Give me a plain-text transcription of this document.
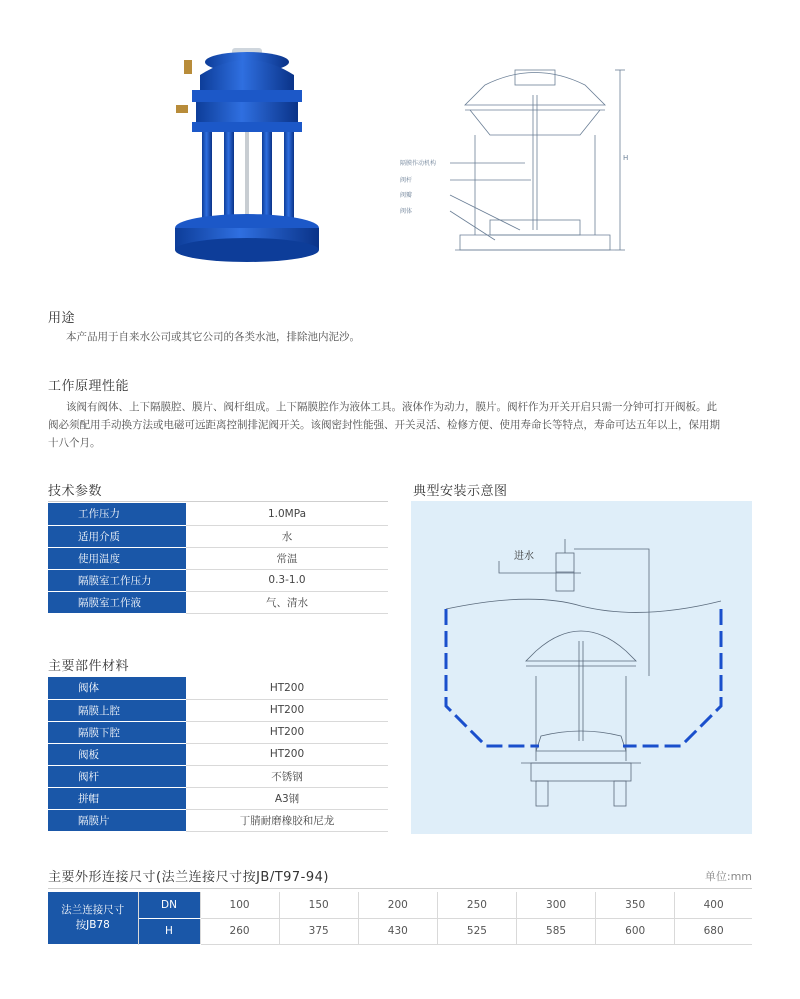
隔膜作动机构
阀杆
阀瓣
阀体
H
用途
本产品用于自来水公司或其它公司的各类水池，排除池内泥沙。
工作原理性能
该阀有阀体、上下隔膜腔、膜片、阀杆组成。上下隔膜腔作为液体工具。液体作为动力，膜片。阀杆作为开关开启只需一分钟可打开阀板。此
阀必须配用手动换方法或电磁可远距离控制排泥阀开关。该阀密封性能强、开关灵活、检修方便、使用寿命长等特点，寿命可达五年以上，保用期
十八个月。
技术参数
工作压力	1.0MPa
适用介质	水
使用温度	常温
隔膜室工作压力	0.3-1.0
隔膜室工作液	气、清水
典型安装示意图
进水
主要部件材料
阀体	HT200
隔膜上腔	HT200
隔膜下腔	HT200
阀板	HT200
阀杆	不锈钢
拼帽	A3钢
隔膜片	丁腈耐磨橡胶和尼龙
主要外形连接尺寸(法兰连接尺寸按JB/T97-94)	单位:mm
法兰连接尺寸
按JB78	DN	100	150	200	250	300	350	400
	H	260	375	430	525	585	600	680
